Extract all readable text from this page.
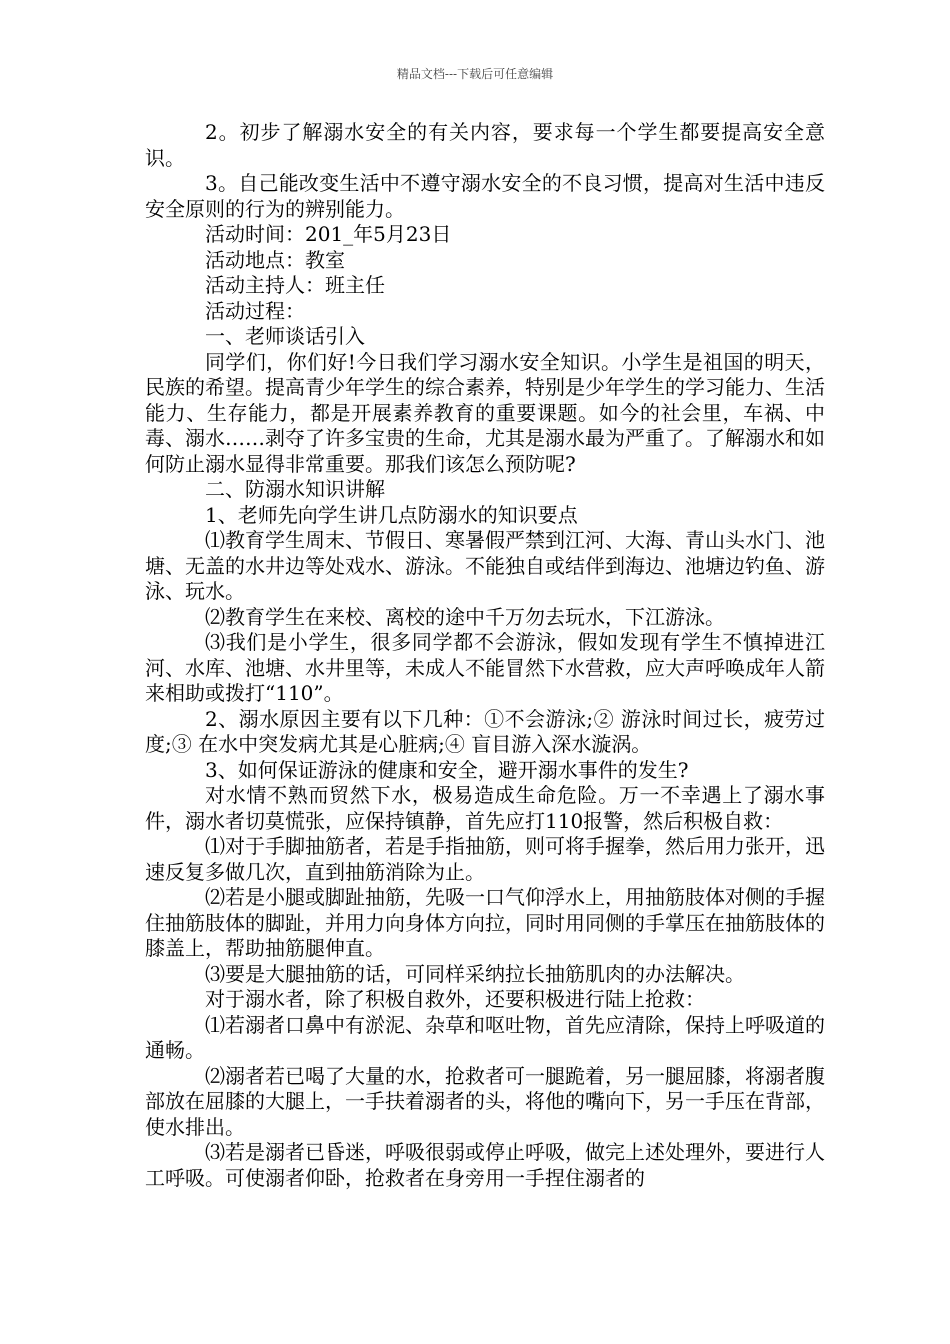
精品文档---下载后可任意编辑

2。初步了解溺水安全的有关内容，要求每一个学生都要提高安全意识。

3。自己能改变生活中不遵守溺水安全的不良习惯，提高对生活中违反安全原则的行为的辨别能力。

活动时间：201_年5月23日

活动地点：教室

活动主持人：班主任

活动过程：

一、老师谈话引入

同学们，你们好!今日我们学习溺水安全知识。小学生是祖国的明天，民族的希望。提高青少年学生的综合素养，特别是少年学生的学习能力、生活能力、生存能力，都是开展素养教育的重要课题。如今的社会里，车祸、中毒、溺水……剥夺了许多宝贵的生命，尤其是溺水最为严重了。了解溺水和如何防止溺水显得非常重要。那我们该怎么预防呢?

二、防溺水知识讲解

1、老师先向学生讲几点防溺水的知识要点

⑴教育学生周末、节假日、寒暑假严禁到江河、大海、青山头水门、池塘、无盖的水井边等处戏水、游泳。不能独自或结伴到海边、池塘边钓鱼、游泳、玩水。

⑵教育学生在来校、离校的途中千万勿去玩水，下江游泳。

⑶我们是小学生，很多同学都不会游泳，假如发现有学生不慎掉进江河、水库、池塘、水井里等，未成人不能冒然下水营救，应大声呼唤成年人箭来相助或拨打“110”。

2、溺水原因主要有以下几种：①不会游泳;② 游泳时间过长，疲劳过度;③ 在水中突发病尤其是心脏病;④ 盲目游入深水漩涡。

3、如何保证游泳的健康和安全，避开溺水事件的发生?

对水情不熟而贸然下水，极易造成生命危险。万一不幸遇上了溺水事件，溺水者切莫慌张，应保持镇静，首先应打110报警，然后积极自救：

⑴对于手脚抽筋者，若是手指抽筋，则可将手握拳，然后用力张开，迅速反复多做几次，直到抽筋消除为止。

⑵若是小腿或脚趾抽筋，先吸一口气仰浮水上，用抽筋肢体对侧的手握住抽筋肢体的脚趾，并用力向身体方向拉，同时用同侧的手掌压在抽筋肢体的膝盖上，帮助抽筋腿伸直。

⑶要是大腿抽筋的话，可同样采纳拉长抽筋肌肉的办法解决。

对于溺水者，除了积极自救外，还要积极进行陆上抢救：

⑴若溺者口鼻中有淤泥、杂草和呕吐物，首先应清除，保持上呼吸道的通畅。

⑵溺者若已喝了大量的水，抢救者可一腿跪着，另一腿屈膝，将溺者腹部放在屈膝的大腿上，一手扶着溺者的头，将他的嘴向下，另一手压在背部，使水排出。

⑶若是溺者已昏迷，呼吸很弱或停止呼吸，做完上述处理外，要进行人工呼吸。可使溺者仰卧，抢救者在身旁用一手捏住溺者的
